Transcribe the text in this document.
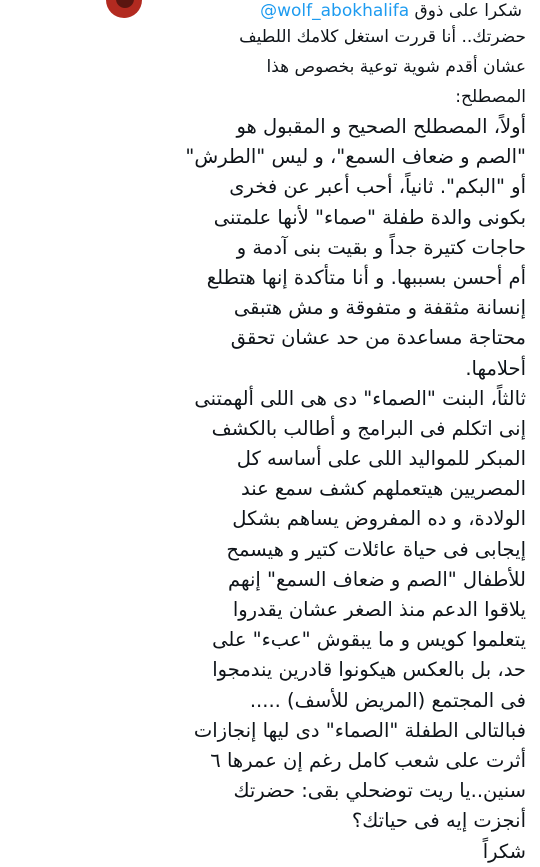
شكرا على ذوق @wolf_abokhalifa
حضرتك.. أنا قررت استغل كلامك اللطيف
عشان أقدم شوية توعية بخصوص هذا
المصطلح:
أولاً، المصطلح الصحيح و المقبول هو
"الصم و ضعاف السمع"، و ليس "الطرش"
أو "البكم". ثانياً، أحب أعبر عن فخرى
بكونى والدة طفلة "صماء" لأنها علمتنى
حاجات كتيرة جداً و بقيت بنى آدمة و
أم أحسن بسببها. و أنا متأكدة إنها هتطلع
إنسانة مثقفة و متفوقة و مش هتبقى
محتاجة مساعدة من حد عشان تحقق
أحلامها.
ثالثاً، البنت "الصماء" دى هى اللى ألهمتنى
إنى اتكلم فى البرامج و أطالب بالكشف
المبكر للمواليد اللى على أساسه كل
المصريين هيتعملهم كشف سمع عند
الولادة، و ده المفروض يساهم بشكل
إيجابى فى حياة عائلات كتير و هيسمح
للأطفال "الصم و ضعاف السمع" إنهم
يلاقوا الدعم منذ الصغر عشان يقدروا
يتعلموا كويس و ما يبقوش "عبء" على
حد، بل بالعكس هيكونوا قادرين يندمجوا
فى المجتمع (المريض للأسف) .....
فبالتالى الطفلة "الصماء" دى ليها إنجازات
أثرت على شعب كامل رغم إن عمرها ٦
سنين..يا ريت توضحلي بقى: حضرتك
أنجزت إيه فى حياتك؟
شكراً
